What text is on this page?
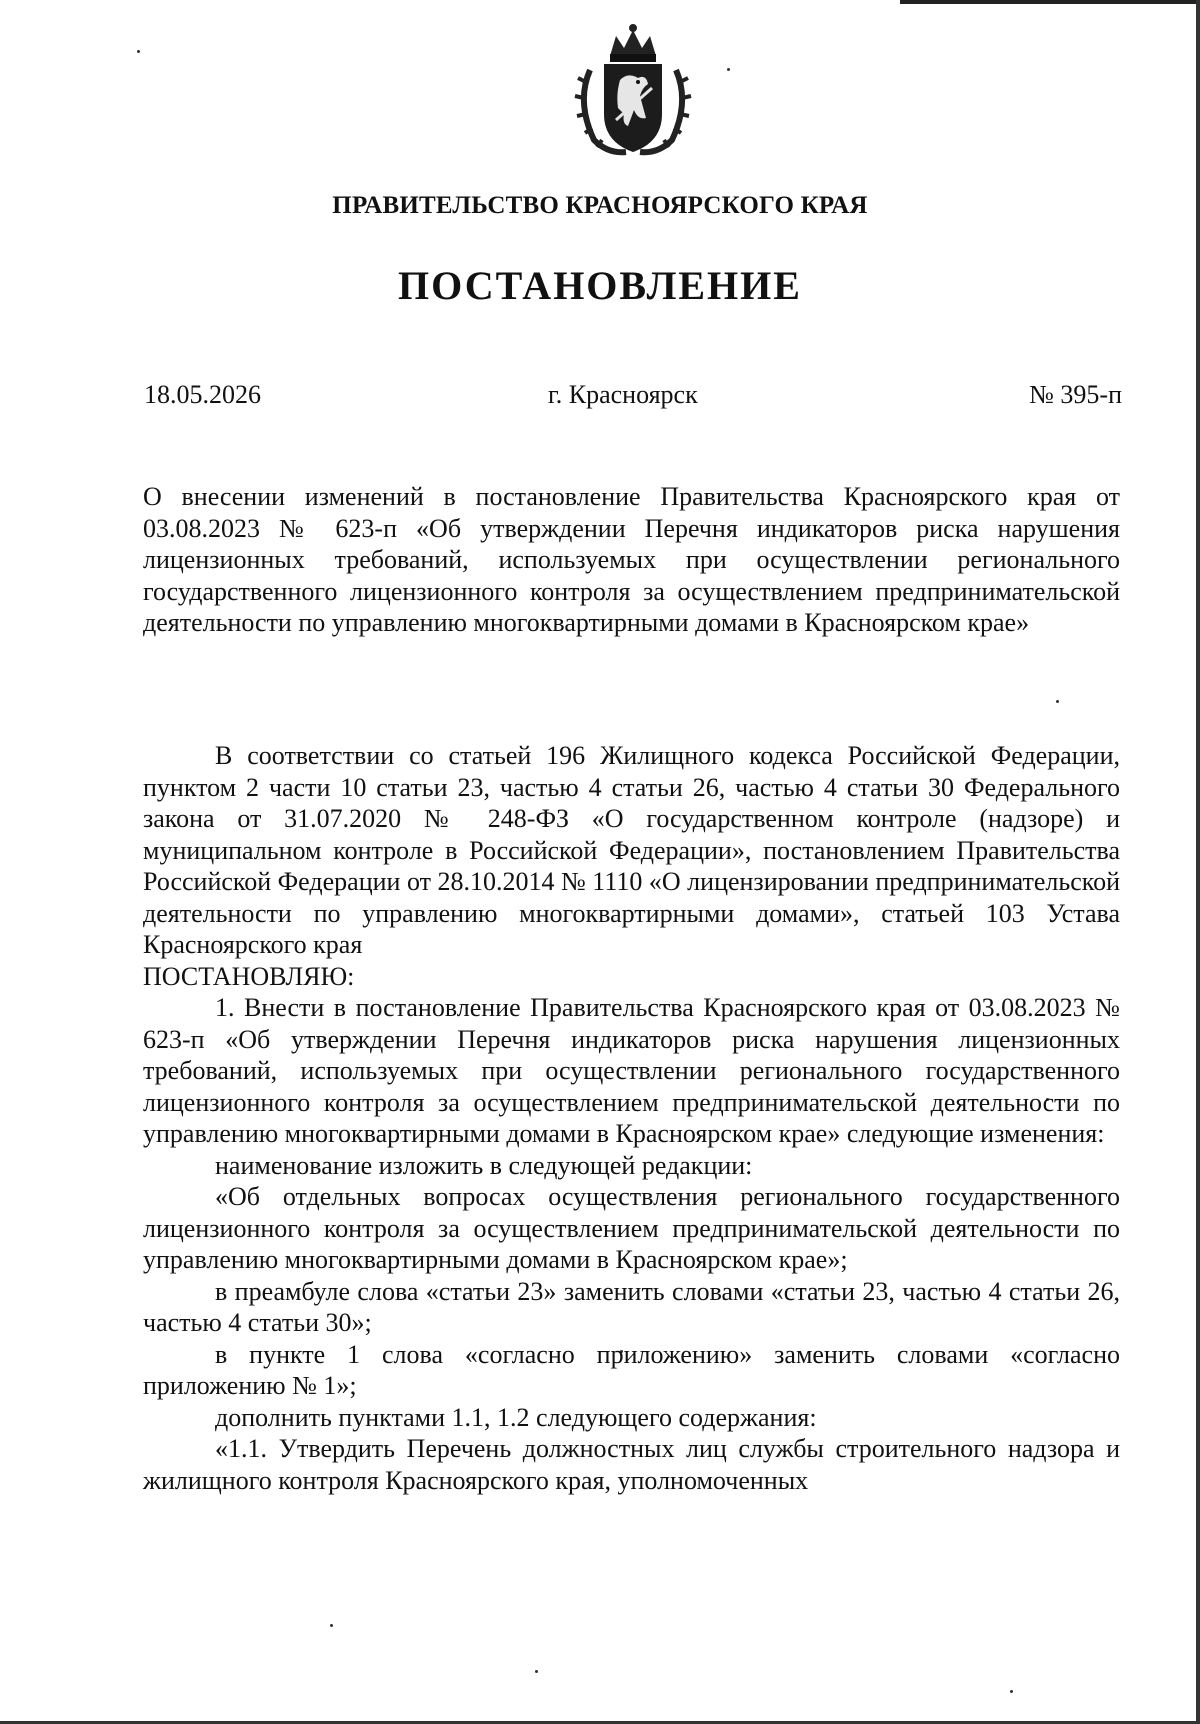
ПРАВИТЕЛЬСТВО КРАСНОЯРСКОГО КРАЯ
ПОСТАНОВЛЕНИЕ
18.05.2026	г. Красноярск	№ 395-п

О внесении изменений в постановление Правительства Красноярского края от 03.08.2023 № 623-п «Об утверждении Перечня индикаторов риска нарушения лицензионных требований, используемых при осуществлении регионального государственного лицензионного контроля за осуществлением предпринимательской деятельности по управлению многоквартирными домами в Красноярском крае»

В соответствии со статьей 196 Жилищного кодекса Российской Федерации, пунктом 2 части 10 статьи 23, частью 4 статьи 26, частью 4 статьи 30 Федерального закона от 31.07.2020 № 248-ФЗ «О государственном контроле (надзоре) и муниципальном контроле в Российской Федерации», постановлением Правительства Российской Федерации от 28.10.2014 № 1110 «О лицензировании предпринимательской деятельности по управлению многоквартирными домами», статьей 103 Устава Красноярского края

ПОСТАНОВЛЯЮ:

1. Внести в постановление Правительства Красноярского края от 03.08.2023 № 623-п «Об утверждении Перечня индикаторов риска нарушения лицензионных требований, используемых при осуществлении регионального государственного лицензионного контроля за осуществлением предпринимательской деятельности по управлению многоквартирными домами в Красноярском крае» следующие изменения:

наименование изложить в следующей редакции:

«Об отдельных вопросах осуществления регионального государственного лицензионного контроля за осуществлением предпринимательской деятельности по управлению многоквартирными домами в Красноярском крае»;

в преамбуле слова «статьи 23» заменить словами «статьи 23, частью 4 статьи 26, частью 4 статьи 30»;

в пункте 1 слова «согласно приложению» заменить словами «согласно приложению № 1»;

дополнить пунктами 1.1, 1.2 следующего содержания:

«1.1. Утвердить Перечень должностных лиц службы строительного надзора и жилищного контроля Красноярского края, уполномоченных
